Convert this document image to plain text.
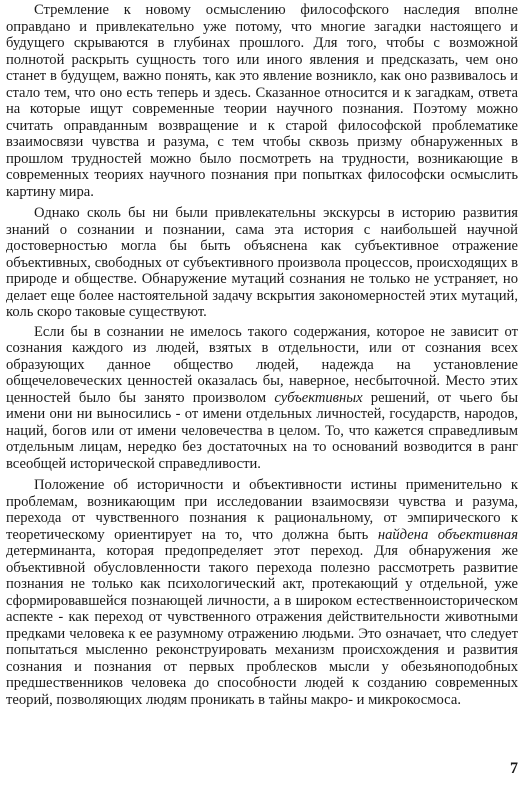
Стремление к новому осмыслению философского наследия вполне оправдано и привлекательно уже потому, что многие загадки настоящего и будущего скрываются в глубинах прошлого. Для того, чтобы с возможной полнотой раскрыть сущность того или иного явления и предсказать, чем оно станет в будущем, важно понять, как это явление возникло, как оно развивалось и стало тем, что оно есть теперь и здесь. Сказанное относится и к загадкам, ответа на которые ищут современные теории научного познания. Поэтому можно считать оправданным возвращение и к старой философской проблематике взаимосвязи чувства и разума, с тем чтобы сквозь призму обнаруженных в прошлом трудностей можно было посмотреть на трудности, возникающие в современных теориях научного познания при попытках философски осмыслить картину мира.

Однако сколь бы ни были привлекательны экскурсы в историю развития знаний о сознании и познании, сама эта история с наибольшей научной достоверностью могла бы быть объяснена как субъективное отражение объективных, свободных от субъективного произвола процессов, происходящих в природе и обществе. Обнаружение мутаций сознания не только не устраняет, но делает еще более настоятельной задачу вскрытия закономерностей этих мутаций, коль скоро таковые существуют.

Если бы в сознании не имелось такого содержания, которое не зависит от сознания каждого из людей, взятых в отдельности, или от сознания всех образующих данное общество людей, надежда на установление общечеловеческих ценностей оказалась бы, наверное, несбыточной. Место этих ценностей было бы занято произволом субъективных решений, от чьего бы имени они ни выносились - от имени отдельных личностей, государств, народов, наций, богов или от имени человечества в целом. То, что кажется справедливым отдельным лицам, нередко без достаточных на то оснований возводится в ранг всеобщей исторической справедливости.

Положение об историчности и объективности истины применительно к проблемам, возникающим при исследовании взаимосвязи чувства и разума, перехода от чувственного познания к рациональному, от эмпирического к теоретическому ориентирует на то, что должна быть найдена объективная детерминанта, которая предопределяет этот переход. Для обнаружения же объективной обусловленности такого перехода полезно рассмотреть развитие познания не только как психологический акт, протекающий у отдельной, уже сформировавшейся познающей личности, а в широком естественноисторическом аспекте - как переход от чувственного отражения действительности животными предками человека к ее разумному отражению людьми. Это означает, что следует попытаться мысленно реконструировать механизм происхождения и развития сознания и познания от первых проблесков мысли у обезьяноподобных предшественников человека до способности людей к созданию современных теорий, позволяющих людям проникать в тайны макро- и микрокосмоса.

7
